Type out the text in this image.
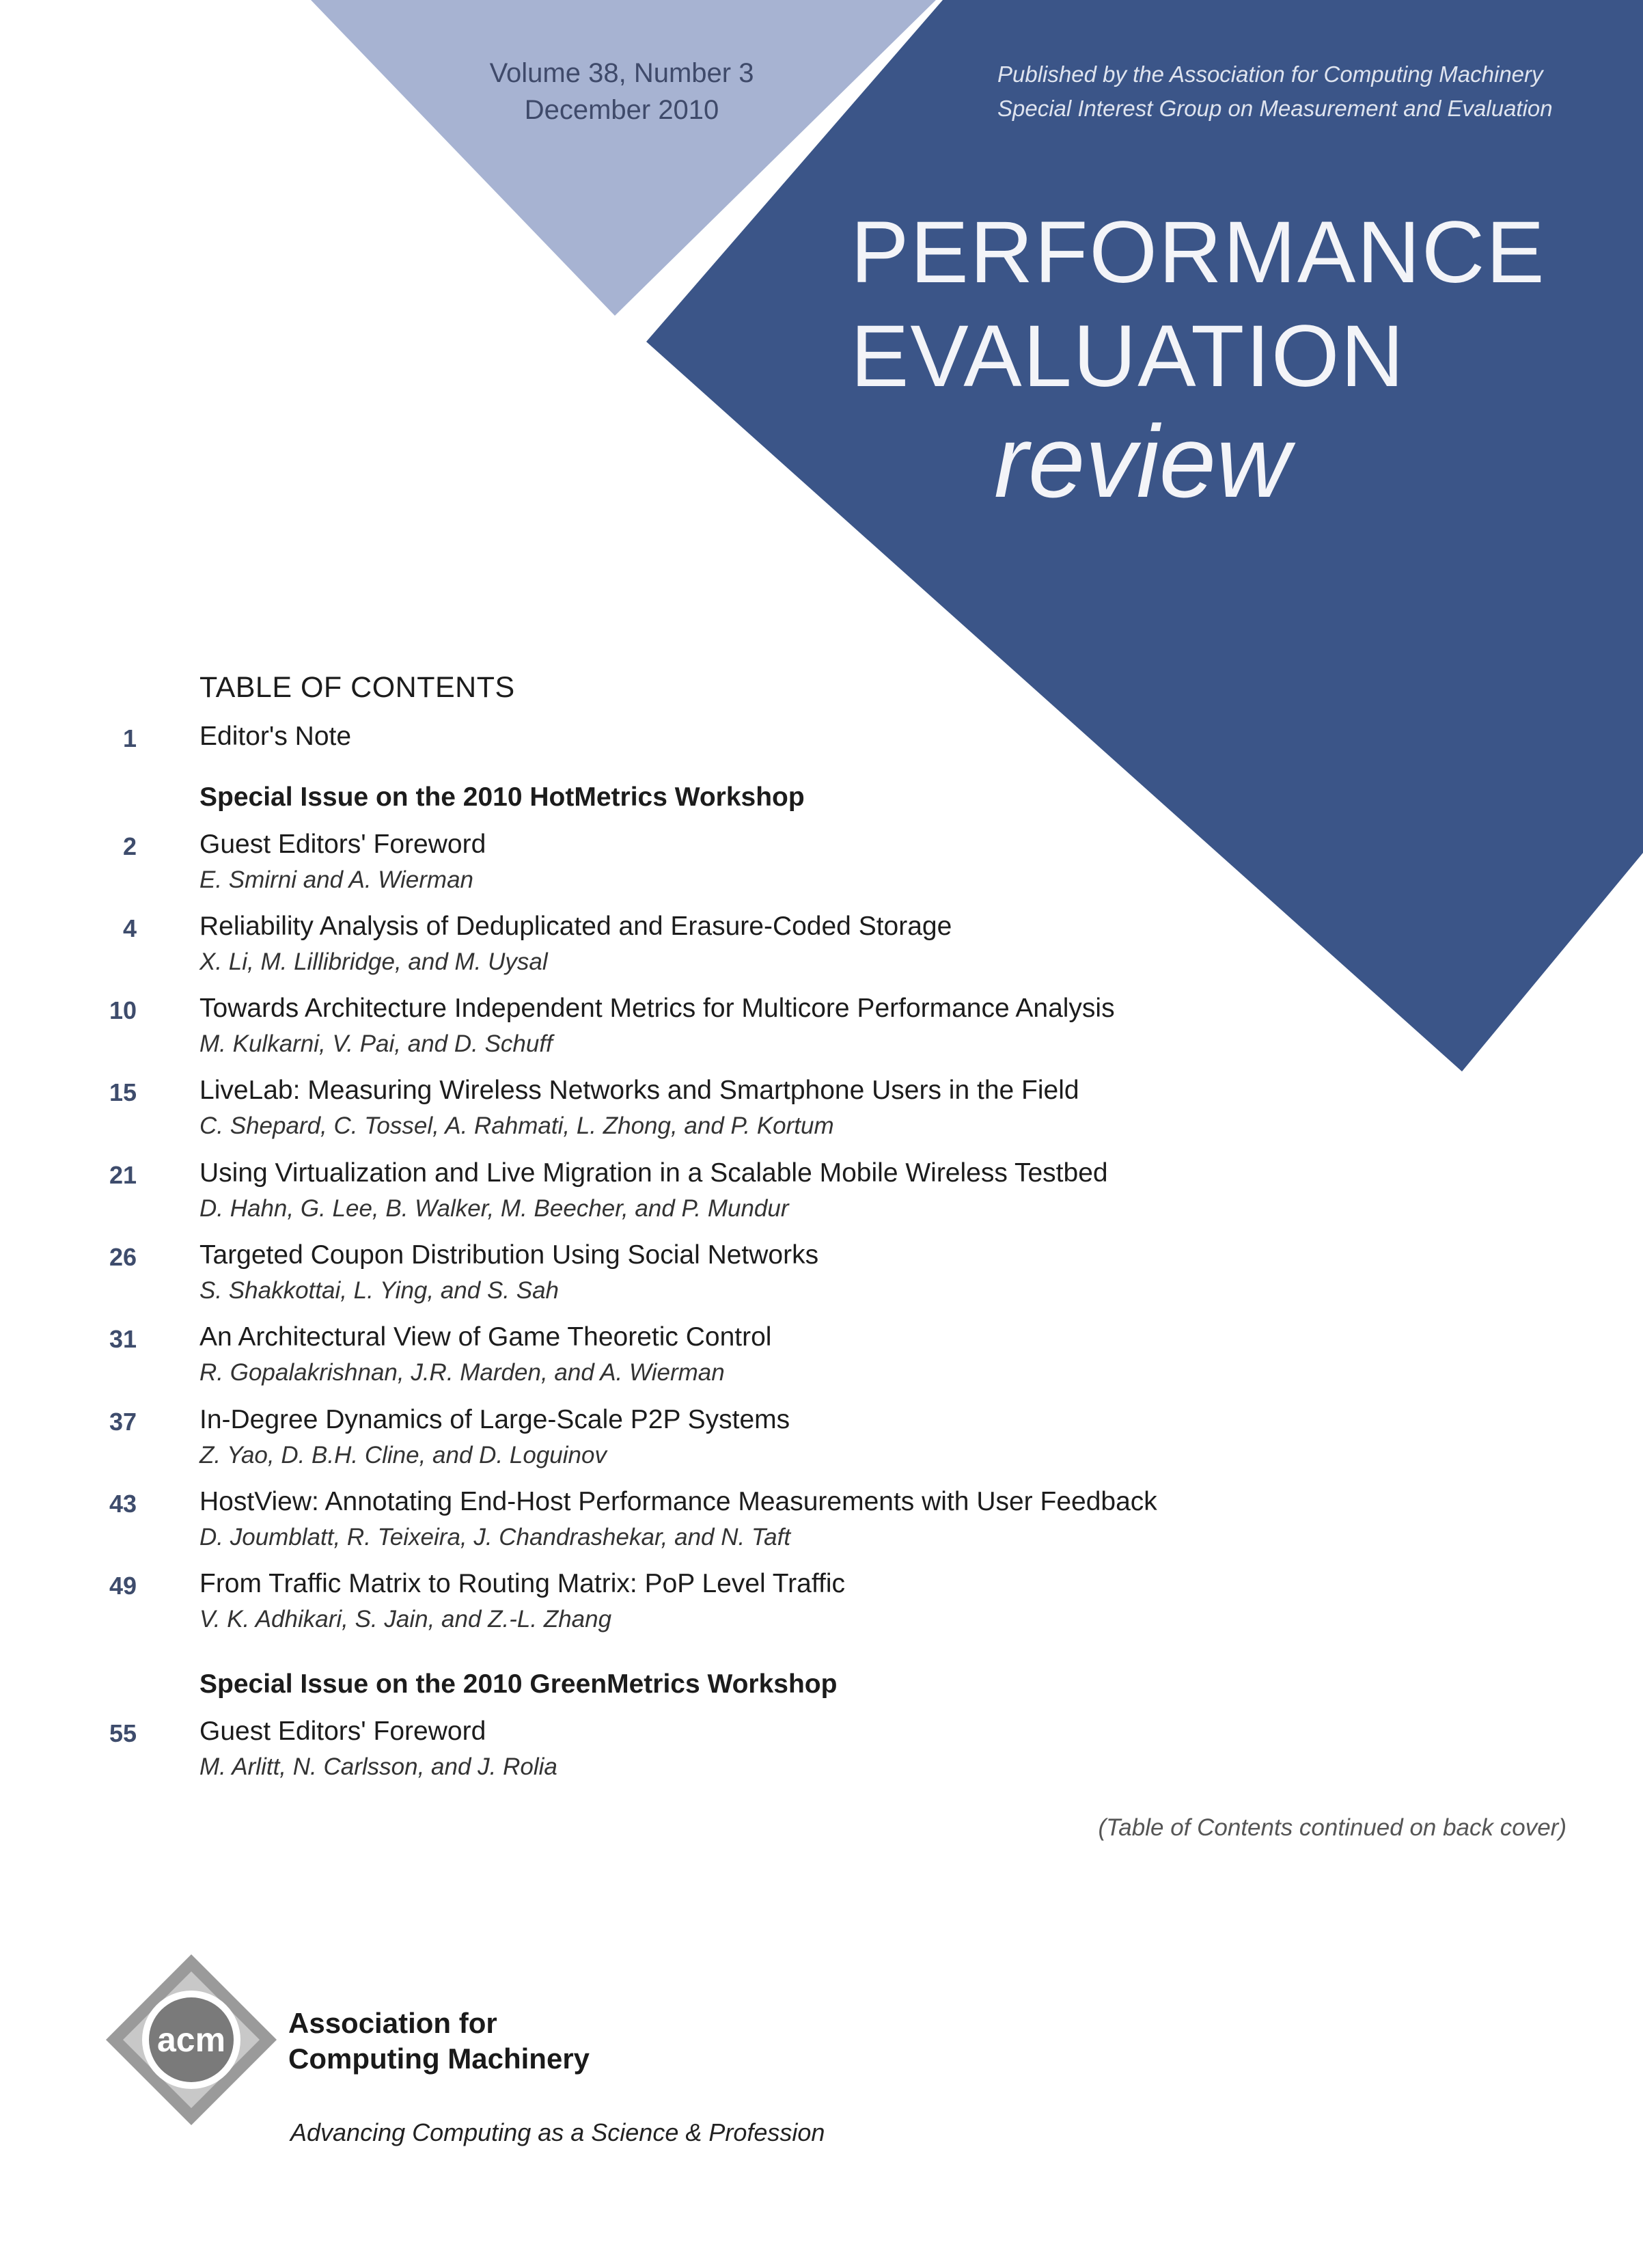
Volume 38, Number 3
December 2010
Published by the Association for Computing Machinery
Special Interest Group on Measurement and Evaluation
PERFORMANCE
EVALUATION
review
TABLE OF CONTENTS
1 Editor's Note
Special Issue on the 2010 HotMetrics Workshop
2 Guest Editors' Foreword
E. Smirni and A. Wierman
4 Reliability Analysis of Deduplicated and Erasure-Coded Storage
X. Li, M. Lillibridge, and M. Uysal
10 Towards Architecture Independent Metrics for Multicore Performance Analysis
M. Kulkarni, V. Pai, and D. Schuff
15 LiveLab: Measuring Wireless Networks and Smartphone Users in the Field
C. Shepard, C. Tossel, A. Rahmati, L. Zhong, and P. Kortum
21 Using Virtualization and Live Migration in a Scalable Mobile Wireless Testbed
D. Hahn, G. Lee, B. Walker, M. Beecher, and P. Mundur
26 Targeted Coupon Distribution Using Social Networks
S. Shakkottai, L. Ying, and S. Sah
31 An Architectural View of Game Theoretic Control
R. Gopalakrishnan, J.R. Marden, and A. Wierman
37 In-Degree Dynamics of Large-Scale P2P Systems
Z. Yao, D. B.H. Cline, and D. Loguinov
43 HostView: Annotating End-Host Performance Measurements with User Feedback
D. Joumblatt, R. Teixeira, J. Chandrashekar, and N. Taft
49 From Traffic Matrix to Routing Matrix: PoP Level Traffic
V. K. Adhikari, S. Jain, and Z.-L. Zhang
Special Issue on the 2010 GreenMetrics Workshop
55 Guest Editors' Foreword
M. Arlitt, N. Carlsson, and J. Rolia
(Table of Contents continued on back cover)
acm Association for
Computing Machinery
Advancing Computing as a Science & Profession
